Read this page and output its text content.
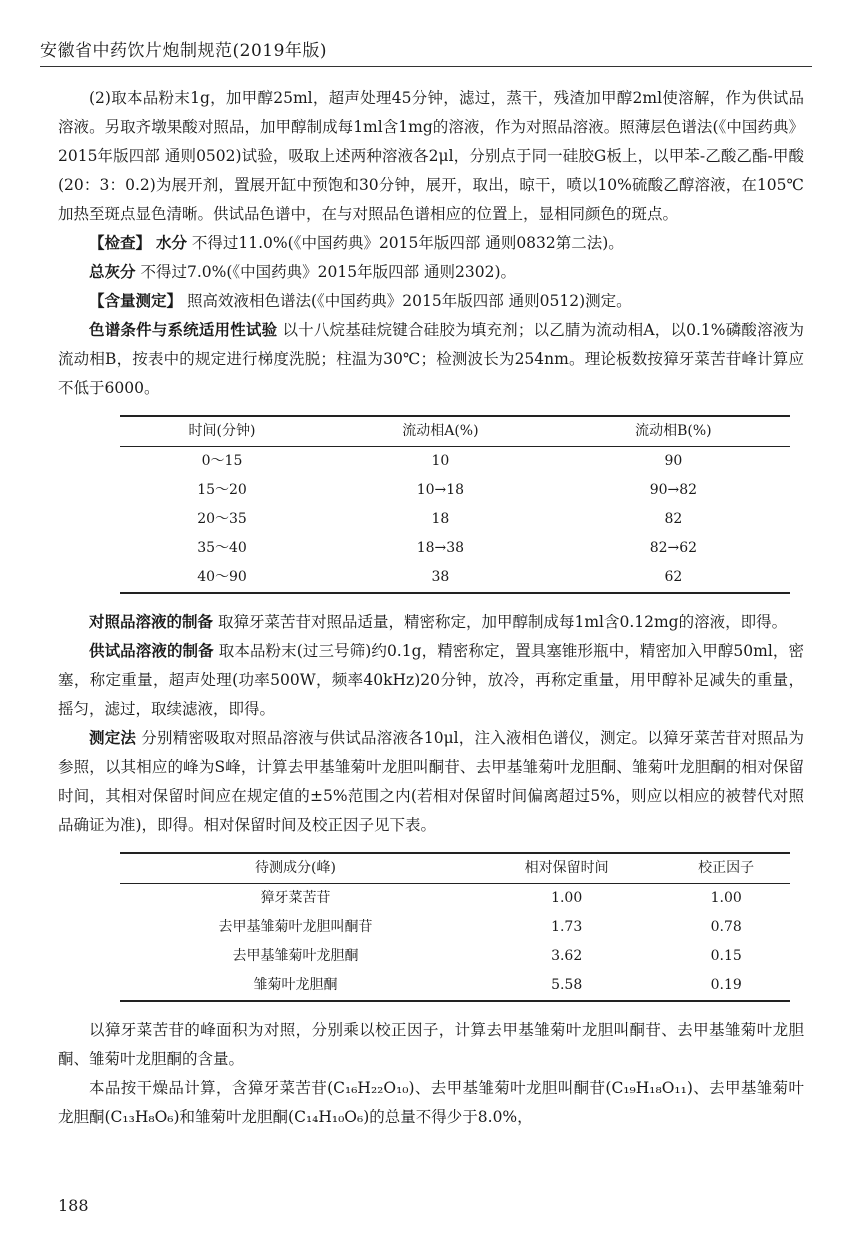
安徽省中药饮片炮制规范(2019年版)

(2)取本品粉末1g，加甲醇25ml，超声处理45分钟，滤过，蒸干，残渣加甲醇2ml使溶解，作为供试品溶液。另取齐墩果酸对照品，加甲醇制成每1ml含1mg的溶液，作为对照品溶液。照薄层色谱法(《中国药典》2015年版四部 通则0502)试验，吸取上述两种溶液各2μl，分别点于同一硅胶G板上，以甲苯-乙酸乙酯-甲酸(20：3：0.2)为展开剂，置展开缸中预饱和30分钟，展开，取出，晾干，喷以10%硫酸乙醇溶液，在105℃加热至斑点显色清晰。供试品色谱中，在与对照品色谱相应的位置上，显相同颜色的斑点。

【检查】 水分 不得过11.0%(《中国药典》2015年版四部 通则0832第二法)。

总灰分 不得过7.0%(《中国药典》2015年版四部 通则2302)。

【含量测定】 照高效液相色谱法(《中国药典》2015年版四部 通则0512)测定。

色谱条件与系统适用性试验 以十八烷基硅烷键合硅胶为填充剂；以乙腈为流动相A，以0.1%磷酸溶液为流动相B，按表中的规定进行梯度洗脱；柱温为30℃；检测波长为254nm。理论板数按獐牙菜苦苷峰计算应不低于6000。

时间(分钟)	流动相A(%)	流动相B(%)
0～15	10	90
15～20	10→18	90→82
20～35	18	82
35～40	18→38	82→62
40～90	38	62

对照品溶液的制备 取獐牙菜苦苷对照品适量，精密称定，加甲醇制成每1ml含0.12mg的溶液，即得。

供试品溶液的制备 取本品粉末(过三号筛)约0.1g，精密称定，置具塞锥形瓶中，精密加入甲醇50ml，密塞，称定重量，超声处理(功率500W，频率40kHz)20分钟，放冷，再称定重量，用甲醇补足减失的重量，摇匀，滤过，取续滤液，即得。

测定法 分别精密吸取对照品溶液与供试品溶液各10μl，注入液相色谱仪，测定。以獐牙菜苦苷对照品为参照，以其相应的峰为S峰，计算去甲基雏菊叶龙胆叫酮苷、去甲基雏菊叶龙胆酮、雏菊叶龙胆酮的相对保留时间，其相对保留时间应在规定值的±5%范围之内(若相对保留时间偏离超过5%，则应以相应的被替代对照品确证为准)，即得。相对保留时间及校正因子见下表。

待测成分(峰)	相对保留时间	校正因子
獐牙菜苦苷	1.00	1.00
去甲基雏菊叶龙胆叫酮苷	1.73	0.78
去甲基雏菊叶龙胆酮	3.62	0.15
雏菊叶龙胆酮	5.58	0.19

以獐牙菜苦苷的峰面积为对照，分别乘以校正因子，计算去甲基雏菊叶龙胆叫酮苷、去甲基雏菊叶龙胆酮、雏菊叶龙胆酮的含量。

本品按干燥品计算，含獐牙菜苦苷(C₁₆H₂₂O₁₀)、去甲基雏菊叶龙胆叫酮苷(C₁₉H₁₈O₁₁)、去甲基雏菊叶龙胆酮(C₁₃H₈O₆)和雏菊叶龙胆酮(C₁₄H₁₀O₆)的总量不得少于8.0%，

188
